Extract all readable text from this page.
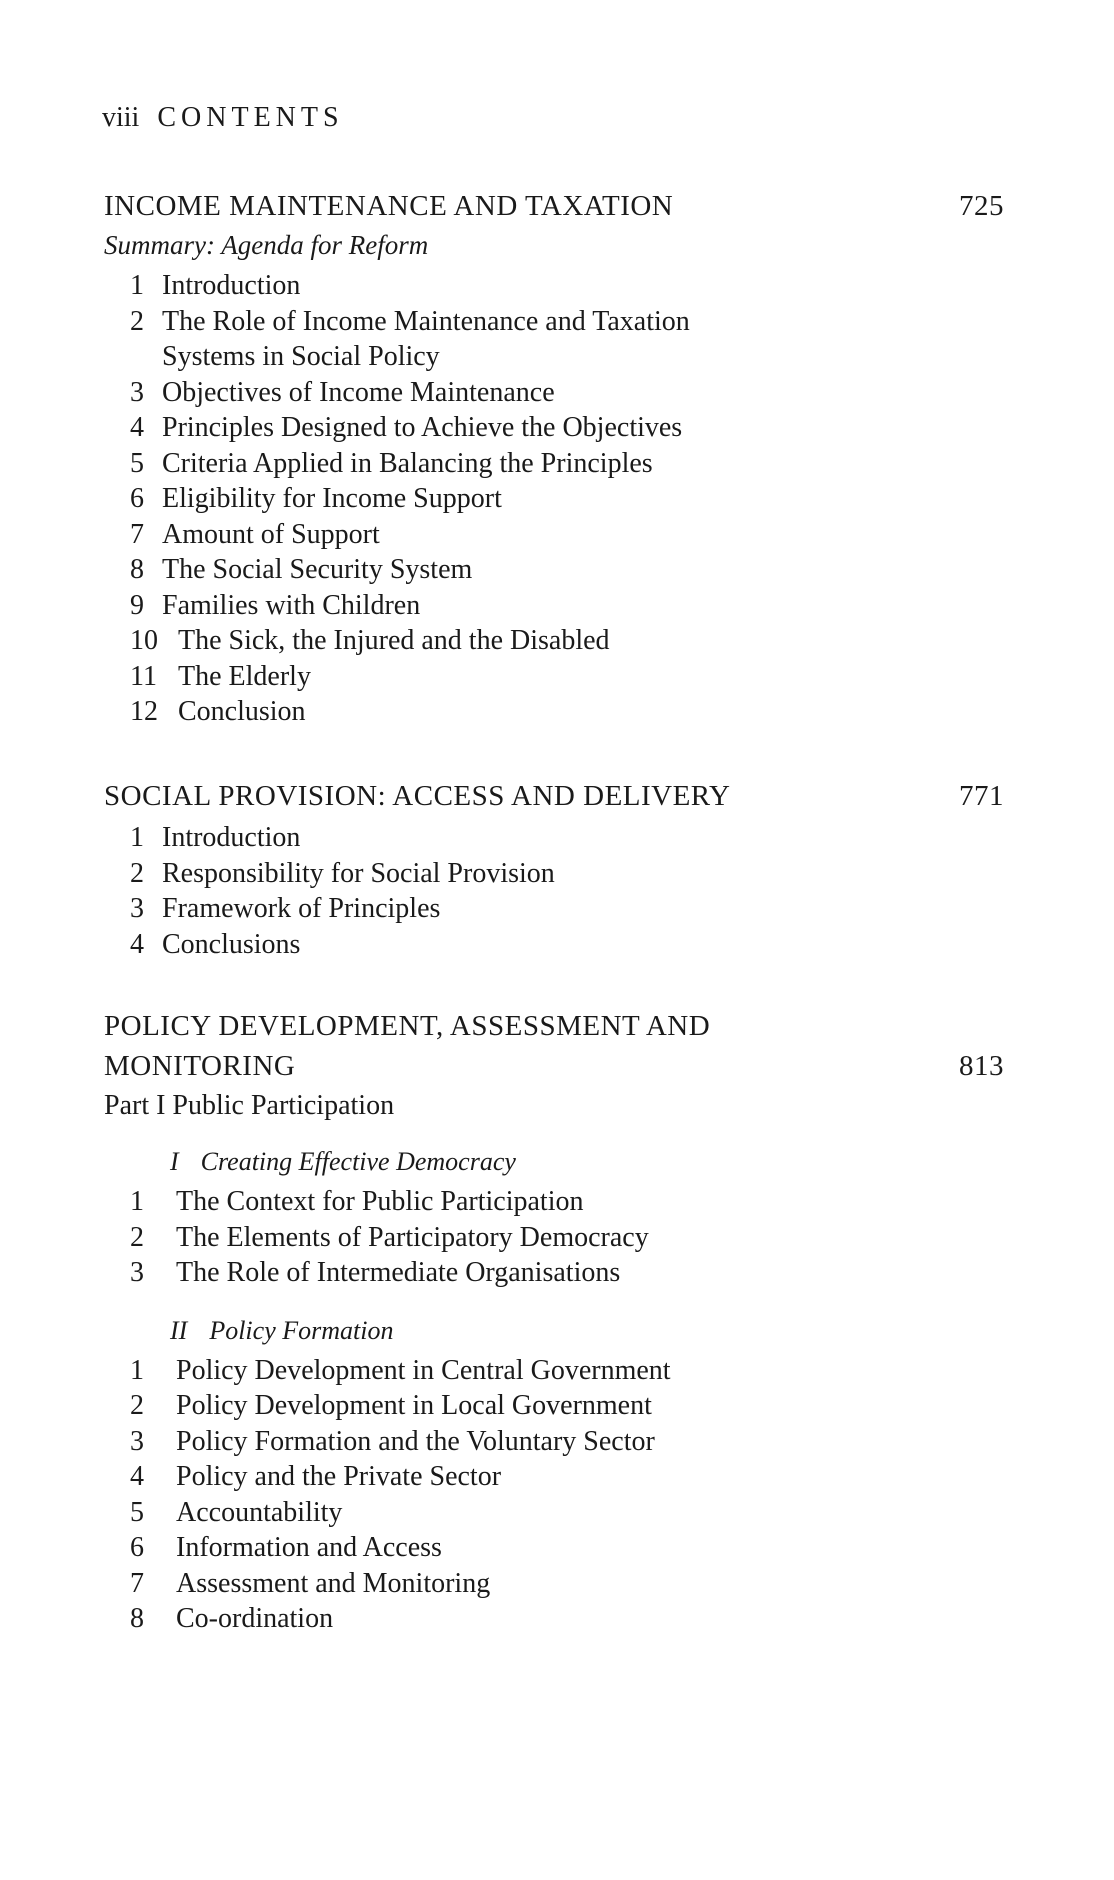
viii CONTENTS
INCOME MAINTENANCE AND TAXATION	725
Summary: Agenda for Reform
1 Introduction
2 The Role of Income Maintenance and Taxation
Systems in Social Policy
3 Objectives of Income Maintenance
4 Principles Designed to Achieve the Objectives
5 Criteria Applied in Balancing the Principles
6 Eligibility for Income Support
7 Amount of Support
8 The Social Security System
9 Families with Children
10 The Sick, the Injured and the Disabled
11 The Elderly
12 Conclusion
SOCIAL PROVISION: ACCESS AND DELIVERY	771
1 Introduction
2 Responsibility for Social Provision
3 Framework of Principles
4 Conclusions
POLICY DEVELOPMENT, ASSESSMENT AND
MONITORING	813
Part I Public Participation
I Creating Effective Democracy
1 The Context for Public Participation
2 The Elements of Participatory Democracy
3 The Role of Intermediate Organisations
II Policy Formation
1 Policy Development in Central Government
2 Policy Development in Local Government
3 Policy Formation and the Voluntary Sector
4 Policy and the Private Sector
5 Accountability
6 Information and Access
7 Assessment and Monitoring
8 Co-ordination
